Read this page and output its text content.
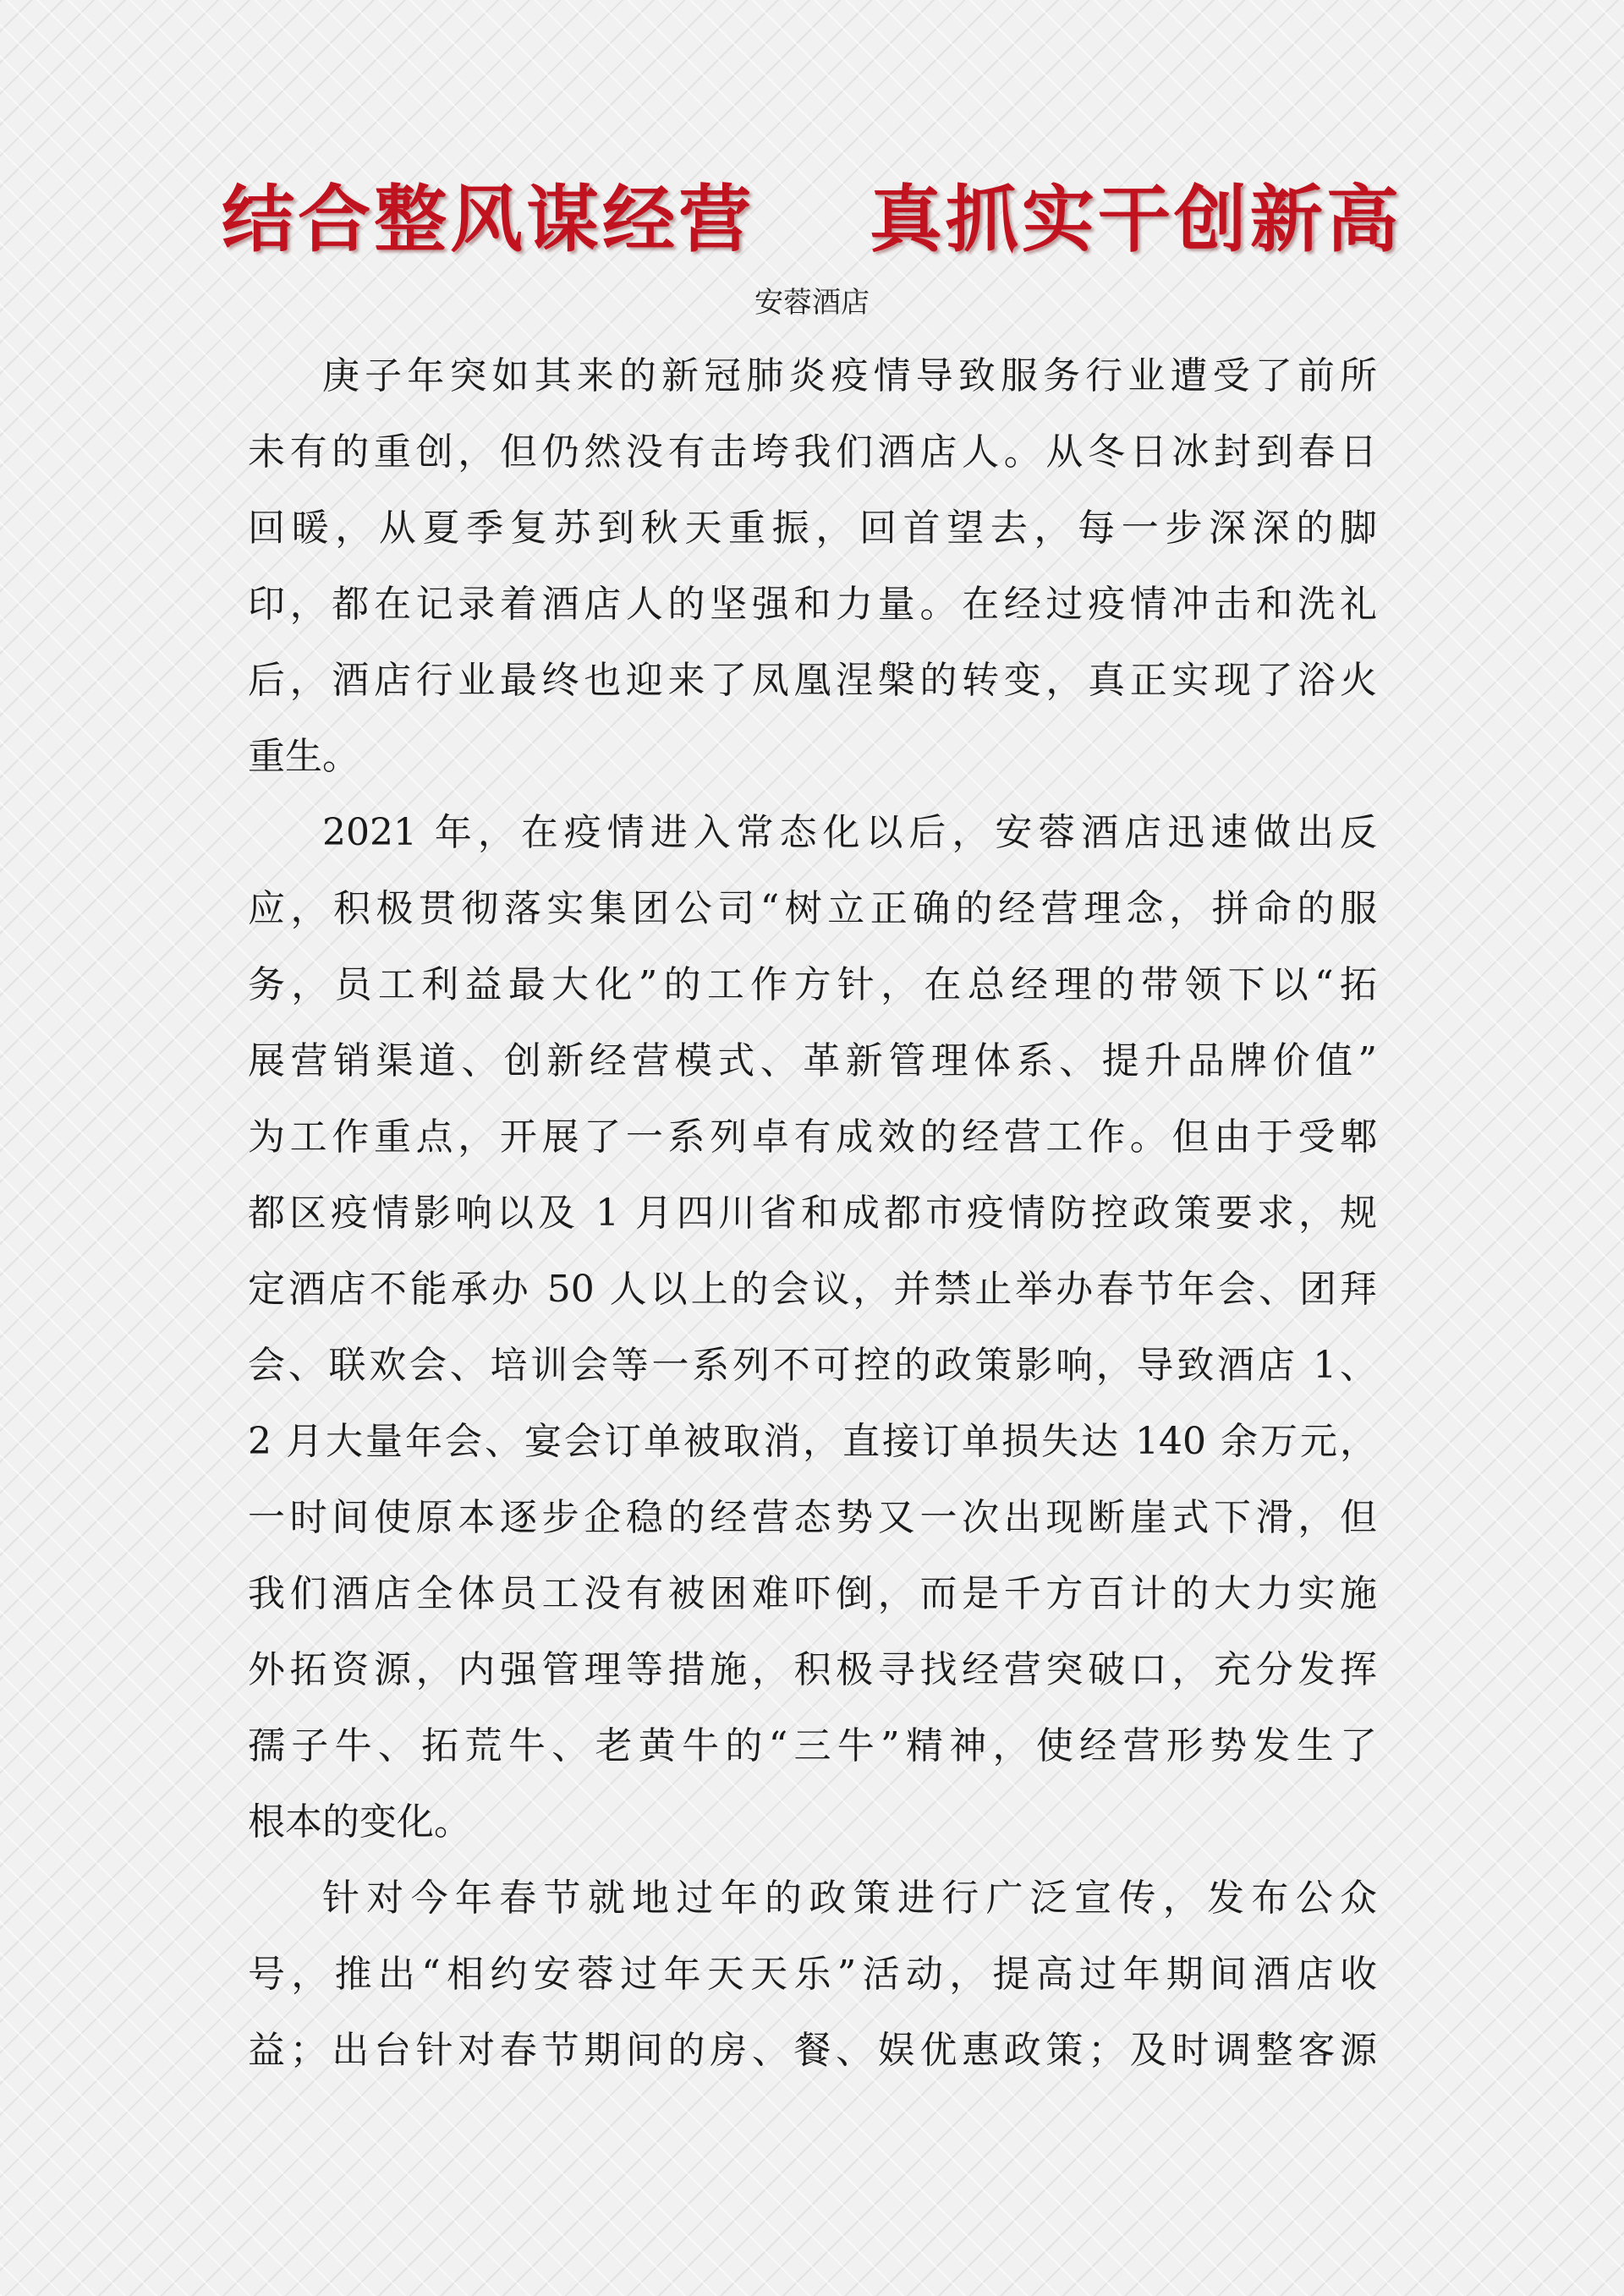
结合整风谋经营    真抓实干创新高
安蓉酒店
庚子年突如其来的新冠肺炎疫情导致服务行业遭受了前所
未有的重创，但仍然没有击垮我们酒店人。从冬日冰封到春日
回暖，从夏季复苏到秋天重振，回首望去，每一步深深的脚
印，都在记录着酒店人的坚强和力量。在经过疫情冲击和洗礼
后，酒店行业最终也迎来了凤凰涅槃的转变，真正实现了浴火
重生。
2021 年，在疫情进入常态化以后，安蓉酒店迅速做出反
应，积极贯彻落实集团公司“树立正确的经营理念，拼命的服
务，员工利益最大化”的工作方针，在总经理的带领下以“拓
展营销渠道、创新经营模式、革新管理体系、提升品牌价值”
为工作重点，开展了一系列卓有成效的经营工作。但由于受郫
都区疫情影响以及 1 月四川省和成都市疫情防控政策要求，规
定酒店不能承办 50 人以上的会议，并禁止举办春节年会、团拜
会、联欢会、培训会等一系列不可控的政策影响，导致酒店 1、
2 月大量年会、宴会订单被取消，直接订单损失达 140 余万元，
一时间使原本逐步企稳的经营态势又一次出现断崖式下滑，但
我们酒店全体员工没有被困难吓倒，而是千方百计的大力实施
外拓资源，内强管理等措施，积极寻找经营突破口，充分发挥
孺子牛、拓荒牛、老黄牛的“三牛”精神，使经营形势发生了
根本的变化。
针对今年春节就地过年的政策进行广泛宣传，发布公众
号，推出“相约安蓉过年天天乐”活动，提高过年期间酒店收
益；出台针对春节期间的房、餐、娱优惠政策；及时调整客源
